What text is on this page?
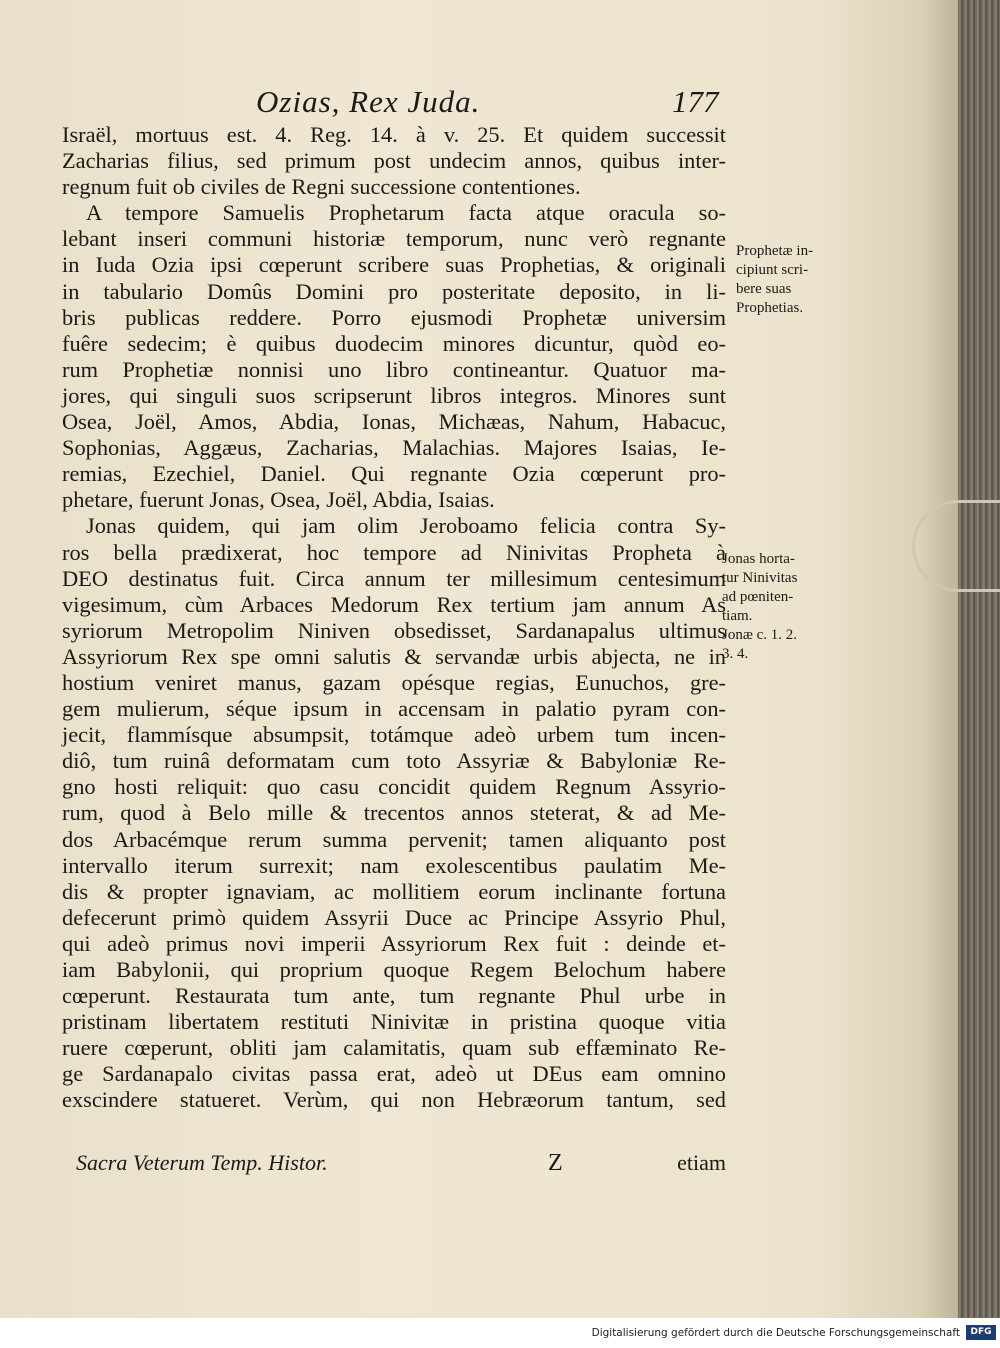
Ozias, Rex Juda.	177
Israël, mortuus est. 4. Reg. 14. à v. 25. Et quidem successit
Zacharias filius, sed primum post undecim annos, quibus inter-
regnum fuit ob civiles de Regni successione contentiones.
A tempore Samuelis Prophetarum facta atque oracula so-
lebant inseri communi historiæ temporum, nunc verò regnante
in Iuda Ozia ipsi cœperunt scribere suas Prophetias, & originali
in tabulario Domûs Domini pro posteritate deposito, in li-
bris publicas reddere. Porro ejusmodi Prophetæ universim
fuêre sedecim; è quibus duodecim minores dicuntur, quòd eo-
rum Prophetiæ nonnisi uno libro contineantur. Quatuor ma-
jores, qui singuli suos scripserunt libros integros. Minores sunt
Osea, Joël, Amos, Abdia, Ionas, Michæas, Nahum, Habacuc,
Sophonias, Aggæus, Zacharias, Malachias. Majores Isaias, Ie-
remias, Ezechiel, Daniel. Qui regnante Ozia cœperunt pro-
phetare, fuerunt Jonas, Osea, Joël, Abdia, Isaias.
Jonas quidem, qui jam olim Jeroboamo felicia contra Sy-
ros bella prædixerat, hoc tempore ad Ninivitas Propheta à
DEO destinatus fuit. Circa annum ter millesimum centesimum
vigesimum, cùm Arbaces Medorum Rex tertium jam annum As
syriorum Metropolim Niniven obsedisset, Sardanapalus ultimus
Assyriorum Rex spe omni salutis & servandæ urbis abjecta, ne in
hostium veniret manus, gazam opésque regias, Eunuchos, gre-
gem mulierum, séque ipsum in accensam in palatio pyram con-
jecit, flammísque absumpsit, totámque adeò urbem tum incen-
diô, tum ruinâ deformatam cum toto Assyriæ & Babyloniæ Re-
gno hosti reliquit: quo casu concidit quidem Regnum Assyrio-
rum, quod à Belo mille & trecentos annos steterat, & ad Me-
dos Arbacémque rerum summa pervenit; tamen aliquanto post
intervallo iterum surrexit; nam exolescentibus paulatim Me-
dis & propter ignaviam, ac mollitiem eorum inclinante fortuna
defecerunt primò quidem Assyrii Duce ac Principe Assyrio Phul,
qui adeò primus novi imperii Assyriorum Rex fuit : deinde et-
iam Babylonii, qui proprium quoque Regem Belochum habere
cœperunt. Restaurata tum ante, tum regnante Phul urbe in
pristinam libertatem restituti Ninivitæ in pristina quoque vitia
ruere cœperunt, obliti jam calamitatis, quam sub effæminato Re-
ge Sardanapalo civitas passa erat, adeò ut DEus eam omnino
exscindere statueret. Verùm, qui non Hebræorum tantum, sed
Prophetæ in-
cipiunt scri-
bere suas
Prophetias.
Jonas horta-
tur Ninivitas
ad pœniten-
tiam.
Jonæ c. 1. 2.
3. 4.
Sacra Veterum Temp. Histor.	Z	etiam
Digitalisierung gefördert durch die Deutsche Forschungsgemeinschaft	DFG
